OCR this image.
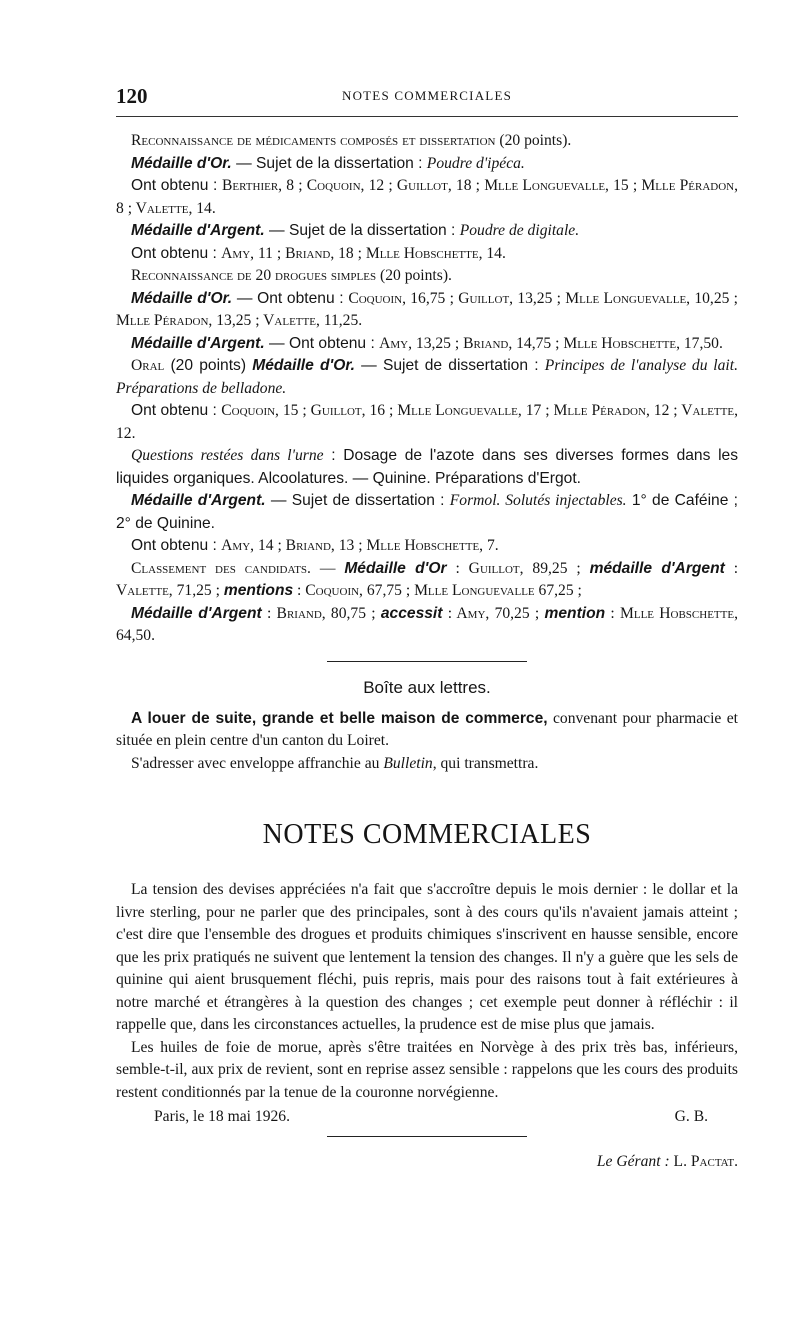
120	NOTES COMMERCIALES

Reconnaissance de médicaments composés et dissertation (20 points).

Médaille d'Or. — Sujet de la dissertation : Poudre d'ipéca.

Ont obtenu : Berthier, 8 ; Coquoin, 12 ; Guillot, 18 ; Mlle Longuevalle, 15 ; Mlle Péradon, 8 ; Valette, 14.

Médaille d'Argent. — Sujet de la dissertation : Poudre de digitale.

Ont obtenu : Amy, 11 ; Briand, 18 ; Mlle Hobschette, 14.

Reconnaissance de 20 drogues simples (20 points).

Médaille d'Or. — Ont obtenu : Coquoin, 16,75 ; Guillot, 13,25 ; Mlle Longuevalle, 10,25 ; Mlle Péradon, 13,25 ; Valette, 11,25.

Médaille d'Argent. — Ont obtenu : Amy, 13,25 ; Briand, 14,75 ; Mlle Hobschette, 17,50.

Oral (20 points) Médaille d'Or. — Sujet de dissertation : Principes de l'analyse du lait. Préparations de belladone.

Ont obtenu : Coquoin, 15 ; Guillot, 16 ; Mlle Longuevalle, 17 ; Mlle Péradon, 12 ; Valette, 12.

Questions restées dans l'urne : Dosage de l'azote dans ses diverses formes dans les liquides organiques. Alcoolatures. — Quinine. Préparations d'Ergot.

Médaille d'Argent. — Sujet de dissertation : Formol. Solutés injectables. 1° de Caféine ; 2° de Quinine.

Ont obtenu : Amy, 14 ; Briand, 13 ; Mlle Hobschette, 7.

Classement des candidats. — Médaille d'Or : Guillot, 89,25 ; médaille d'Argent : Valette, 71,25 ; mentions : Coquoin, 67,75 ; Mlle Longuevalle 67,25 ;

Médaille d'Argent : Briand, 80,75 ; accessit : Amy, 70,25 ; mention : Mlle Hobschette, 64,50.

Boîte aux lettres.

A louer de suite, grande et belle maison de commerce, convenant pour pharmacie et située en plein centre d'un canton du Loiret.

S'adresser avec enveloppe affranchie au Bulletin, qui transmettra.

NOTES COMMERCIALES

La tension des devises appréciées n'a fait que s'accroître depuis le mois dernier : le dollar et la livre sterling, pour ne parler que des principales, sont à des cours qu'ils n'avaient jamais atteint ; c'est dire que l'ensemble des drogues et produits chimiques s'inscrivent en hausse sensible, encore que les prix pratiqués ne suivent que lentement la tension des changes. Il n'y a guère que les sels de quinine qui aient brusquement fléchi, puis repris, mais pour des raisons tout à fait extérieures à notre marché et étrangères à la question des changes ; cet exemple peut donner à réfléchir : il rappelle que, dans les circonstances actuelles, la prudence est de mise plus que jamais.

Les huiles de foie de morue, après s'être traitées en Norvège à des prix très bas, inférieurs, semble-t-il, aux prix de revient, sont en reprise assez sensible : rappelons que les cours des produits restent conditionnés par la tenue de la couronne norvégienne.

Paris, le 18 mai 1926.	G. B.
Le Gérant : L. Pactat.
